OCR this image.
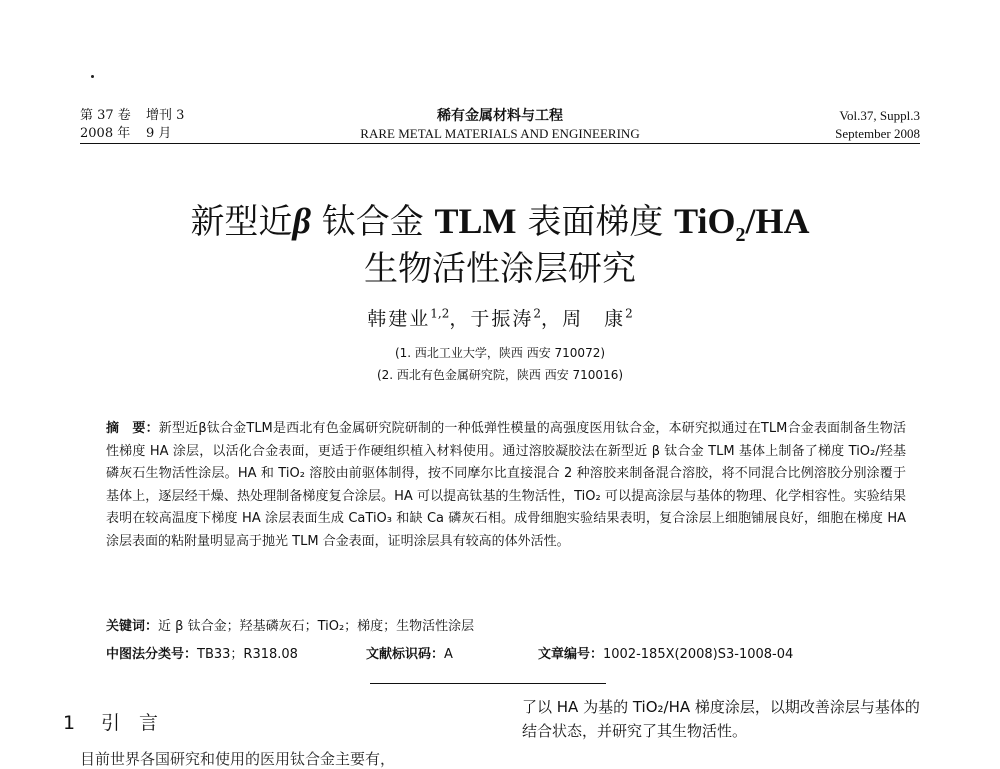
第 37 卷 增刊 3
2008 年 9 月
稀有金属材料与工程
RARE METAL MATERIALS AND ENGINEERING
Vol.37, Suppl.3
September 2008
新型近β 钛合金 TLM 表面梯度 TiO$_2$/HA
生物活性涂层研究
韩建业$^{1,2}$，于振涛$^2$，周　康$^2$
(1. 西北工业大学，陕西 西安 710072)
(2. 西北有色金属研究院，陕西 西安 710016)
摘　要：新型近β钛合金TLM是西北有色金属研究院研制的一种低弹性模量的高强度医用钛合金，本研究拟通过在TLM合金表面制备生物活性梯度 HA 涂层，以活化合金表面，更适于作硬组织植入材料使用。通过溶胶凝胶法在新型近 β 钛合金 TLM 基体上制备了梯度 TiO₂/羟基磷灰石生物活性涂层。HA 和 TiO₂ 溶胶由前驱体制得，按不同摩尔比直接混合 2 种溶胶来制备混合溶胶，将不同混合比例溶胶分别涂覆于基体上，逐层经干燥、热处理制备梯度复合涂层。HA 可以提高钛基的生物活性，TiO₂ 可以提高涂层与基体的物理、化学相容性。实验结果表明在较高温度下梯度 HA 涂层表面生成 CaTiO₃ 和缺 Ca 磷灰石相。成骨细胞实验结果表明，复合涂层上细胞铺展良好，细胞在梯度 HA 涂层表面的粘附量明显高于抛光 TLM 合金表面，证明涂层具有较高的体外活性。
关键词：近 β 钛合金；羟基磷灰石；TiO₂；梯度；生物活性涂层
中图法分类号：TB33；R318.08	文献标识码：A	文章编号：1002-185X(2008)S3-1008-04
1 引　言
目前世界各国研究和使用的医用钛合金主要有，
了以 HA 为基的 TiO₂/HA 梯度涂层，以期改善涂层与基体的结合状态，并研究了其生物活性。
